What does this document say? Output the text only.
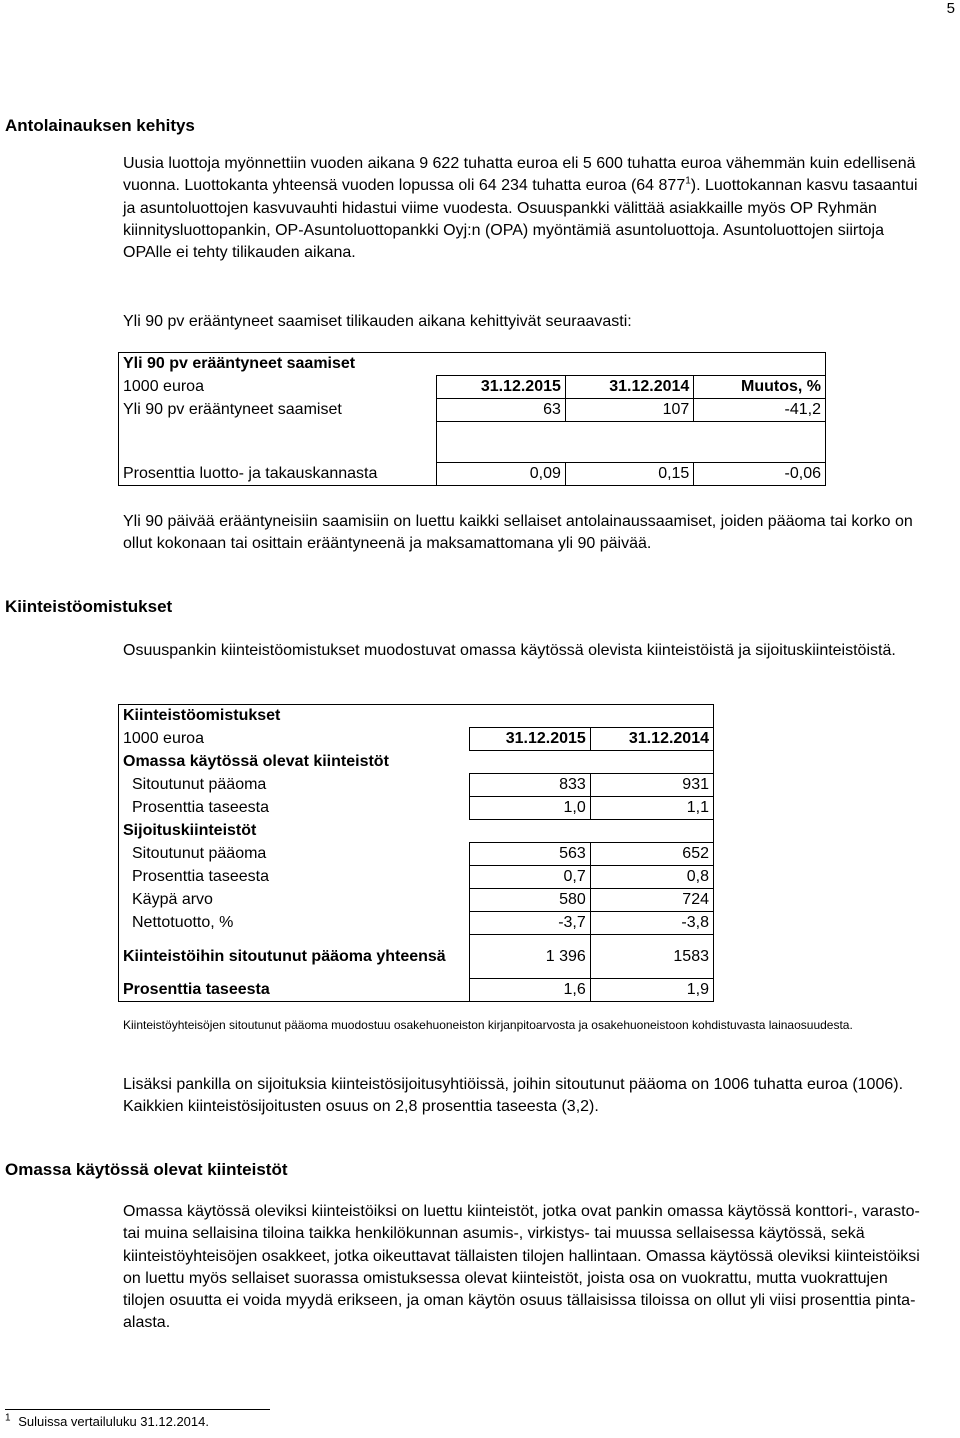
5
Antolainauksen kehitys

Uusia luottoja myönnettiin vuoden aikana 9 622 tuhatta euroa eli 5 600 tuhatta euroa vähemmän kuin edellisenä vuonna. Luottokanta yhteensä vuoden lopussa oli 64 234 tuhatta euroa (64 $877^1$). Luottokannan kasvu tasaantui ja asuntoluottojen kasvuvauhti hidastui viime vuodesta. Osuuspankki välittää asiakkaille myös OP Ryhmän kiinnitysluottopankin, OP-Asuntoluottopankki Oyj:n (OPA) myöntämiä asuntoluottoja. Asuntoluottojen siirtoja OPAlle ei tehty tilikauden aikana.

Yli 90 pv erääntyneet saamiset tilikauden aikana kehittyivät seuraavasti:

Yli 90 pv erääntyneet saamiset			
1000 euroa	31.12.2015	31.12.2014	Muutos, %
Yli 90 pv erääntyneet saamiset	63	107	-41,2

Prosenttia luotto- ja takauskannasta	0,09	0,15	-0,06

Yli 90 päivää erääntyneisiin saamisiin on luettu kaikki sellaiset antolainaussaamiset, joiden pääoma tai korko on ollut kokonaan tai osittain erääntyneenä ja maksamattomana yli 90 päivää.

Kiinteistöomistukset

Osuuspankin kiinteistöomistukset muodostuvat omassa käytössä olevista kiinteistöistä ja sijoituskiinteistöistä.

Kiinteistöomistukset		
1000 euroa	31.12.2015	31.12.2014
Omassa käytössä olevat kiinteistöt		
Sitoutunut pääoma	833	931
Prosenttia taseesta	1,0	1,1
Sijoituskiinteistöt		
Sitoutunut pääoma	563	652
Prosenttia taseesta	0,7	0,8
Käypä arvo	580	724
Nettotuotto, %	-3,7	-3,8
Kiinteistöihin sitoutunut pääoma yhteensä	1 396	1583
Prosenttia taseesta	1,6	1,9

Kiinteistöyhteisöjen sitoutunut pääoma muodostuu osakehuoneiston kirjanpitoarvosta ja osakehuoneistoon kohdistuvasta lainaosuudesta.

Lisäksi pankilla on sijoituksia kiinteistösijoitusyhtiöissä, joihin sitoutunut pääoma on 1006 tuhatta euroa (1006). Kaikkien kiinteistösijoitusten osuus on 2,8 prosenttia taseesta (3,2).

Omassa käytössä olevat kiinteistöt

Omassa käytössä oleviksi kiinteistöiksi on luettu kiinteistöt, jotka ovat pankin omassa käytössä konttori-, varasto- tai muina sellaisina tiloina taikka henkilökunnan asumis-, virkistys- tai muussa sellaisessa käytössä, sekä kiinteistöyhteisöjen osakkeet, jotka oikeuttavat tällaisten tilojen hallintaan. Omassa käytössä oleviksi kiinteistöiksi on luettu myös sellaiset suorassa omistuksessa olevat kiinteistöt, joista osa on vuokrattu, mutta vuokrattujen tilojen osuutta ei voida myydä erikseen, ja oman käytön osuus tällaisissa tiloissa on ollut yli viisi prosenttia pinta-alasta.

$^1$ Suluissa vertailuluku 31.12.2014.
